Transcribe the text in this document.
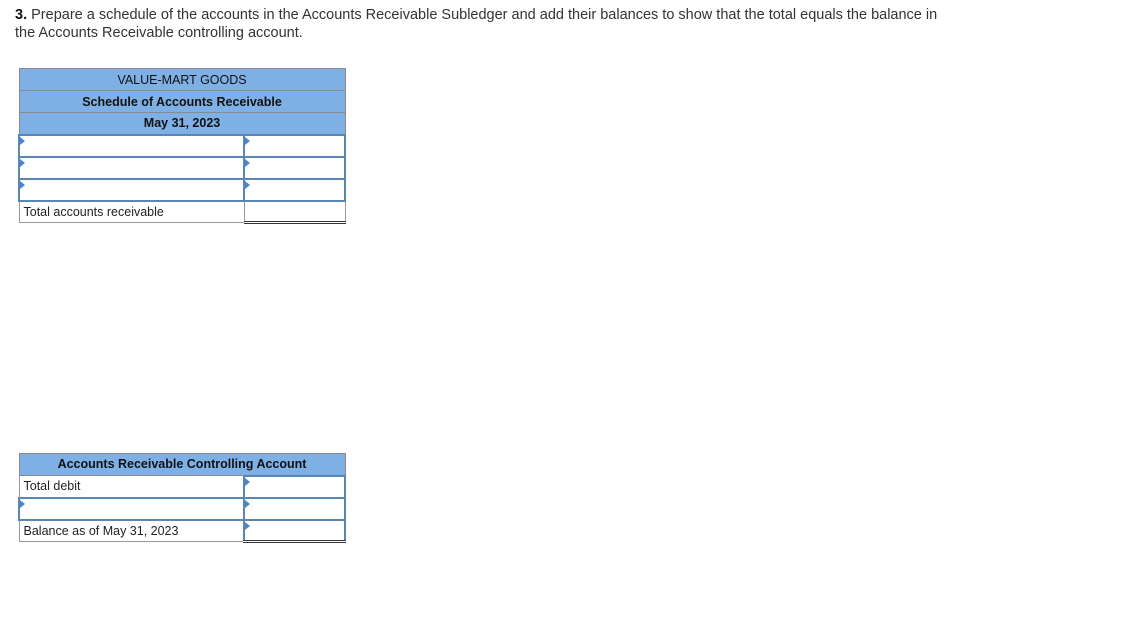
3. Prepare a schedule of the accounts in the Accounts Receivable Subledger and add their balances to show that the total equals the balance in the Accounts Receivable controlling account.
VALUE-MART GOODS	
Schedule of Accounts Receivable	
May 31, 2023	

Total accounts receivable	
Accounts Receivable Controlling Account	
Total debit	

Balance as of May 31, 2023	
